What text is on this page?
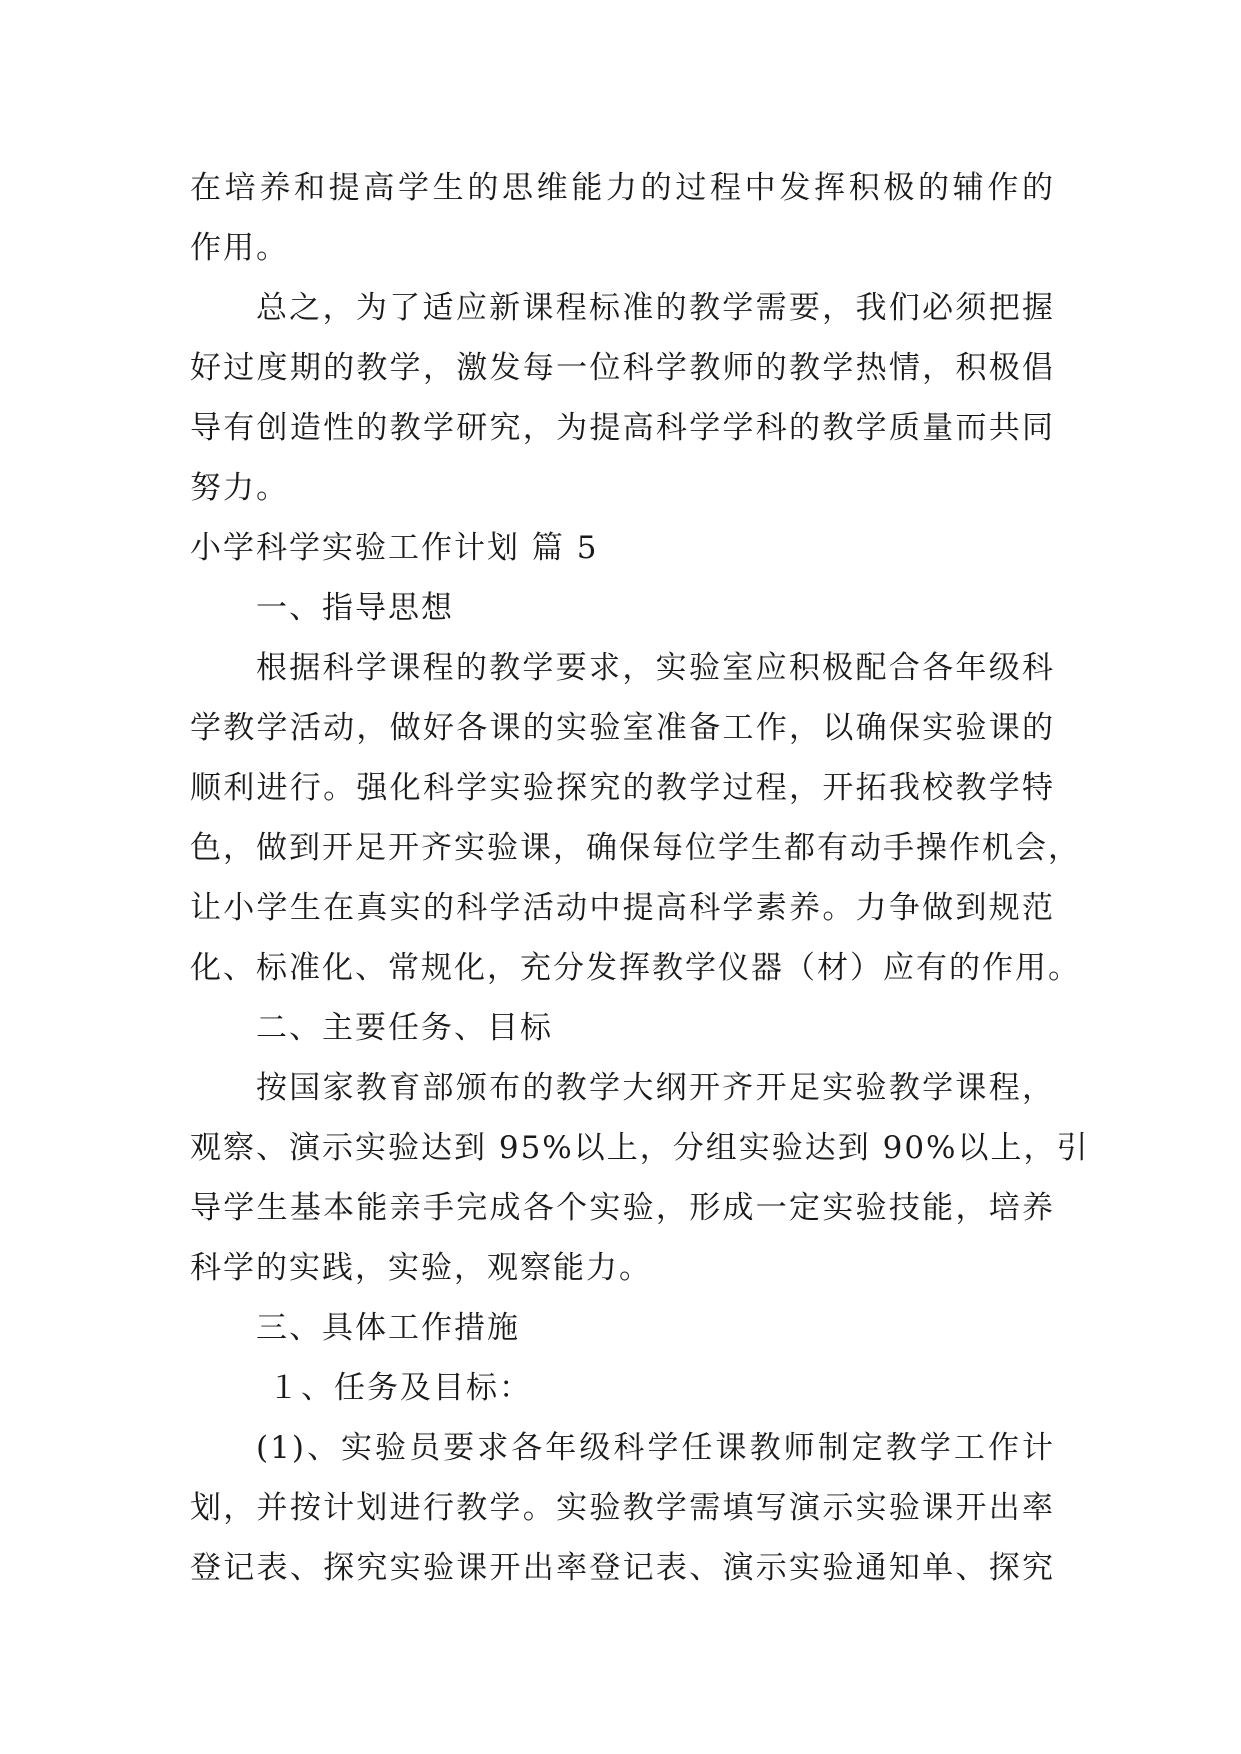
在培养和提高学生的思维能力的过程中发挥积极的辅作的
作用。
总之，为了适应新课程标准的教学需要，我们必须把握
好过度期的教学，激发每一位科学教师的教学热情，积极倡
导有创造性的教学研究，为提高科学学科的教学质量而共同
努力。
小学科学实验工作计划 篇 5
一、指导思想
根据科学课程的教学要求，实验室应积极配合各年级科
学教学活动，做好各课的实验室准备工作，以确保实验课的
顺利进行。强化科学实验探究的教学过程，开拓我校教学特
色，做到开足开齐实验课，确保每位学生都有动手操作机会，
让小学生在真实的科学活动中提高科学素养。力争做到规范
化、标准化、常规化，充分发挥教学仪器（材）应有的作用。
二、主要任务、目标
按国家教育部颁布的教学大纲开齐开足实验教学课程，
观察、演示实验达到 95%以上，分组实验达到 90%以上，引
导学生基本能亲手完成各个实验，形成一定实验技能，培养
科学的实践，实验，观察能力。
三、具体工作措施
１、任务及目标：
(1)、实验员要求各年级科学任课教师制定教学工作计
划，并按计划进行教学。实验教学需填写演示实验课开出率
登记表、探究实验课开出率登记表、演示实验通知单、探究
